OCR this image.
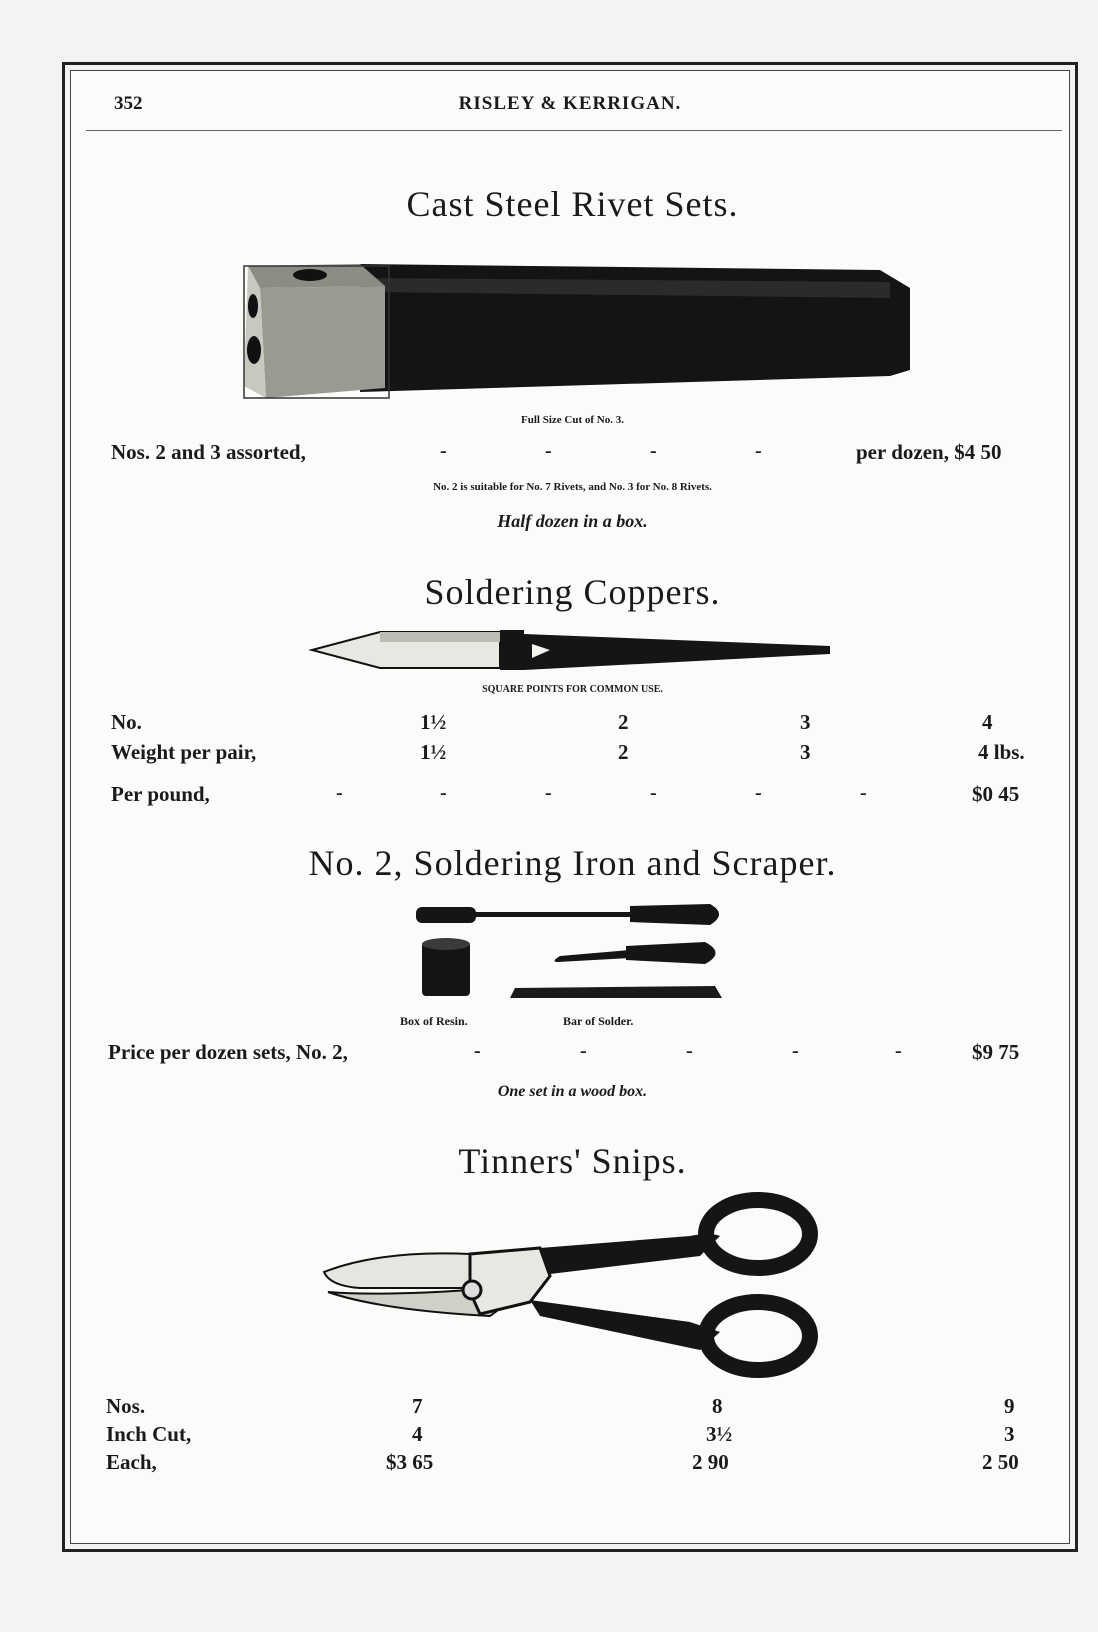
352	RISLEY & KERRIGAN.
Cast Steel Rivet Sets.
Full Size Cut of No. 3.
Nos. 2 and 3 assorted,	-	-	-	-	per dozen, $4 50
No. 2 is suitable for No. 7 Rivets, and No. 3 for No. 8 Rivets.
Half dozen in a box.
Soldering Coppers.
SQUARE POINTS FOR COMMON USE.
No.	1½	2	3	4
Weight per pair,	1½	2	3	4 lbs.
Per pound,	-	-	-	-	-	-	$0 45
No. 2, Soldering Iron and Scraper.
Box of Resin.	Bar of Solder.
Price per dozen sets, No. 2,	-	-	-	-	-	$9 75
One set in a wood box.
Tinners' Snips.
Nos.	7	8	9
Inch Cut,	4	3½	3
Each,	$3 65	2 90	2 50
